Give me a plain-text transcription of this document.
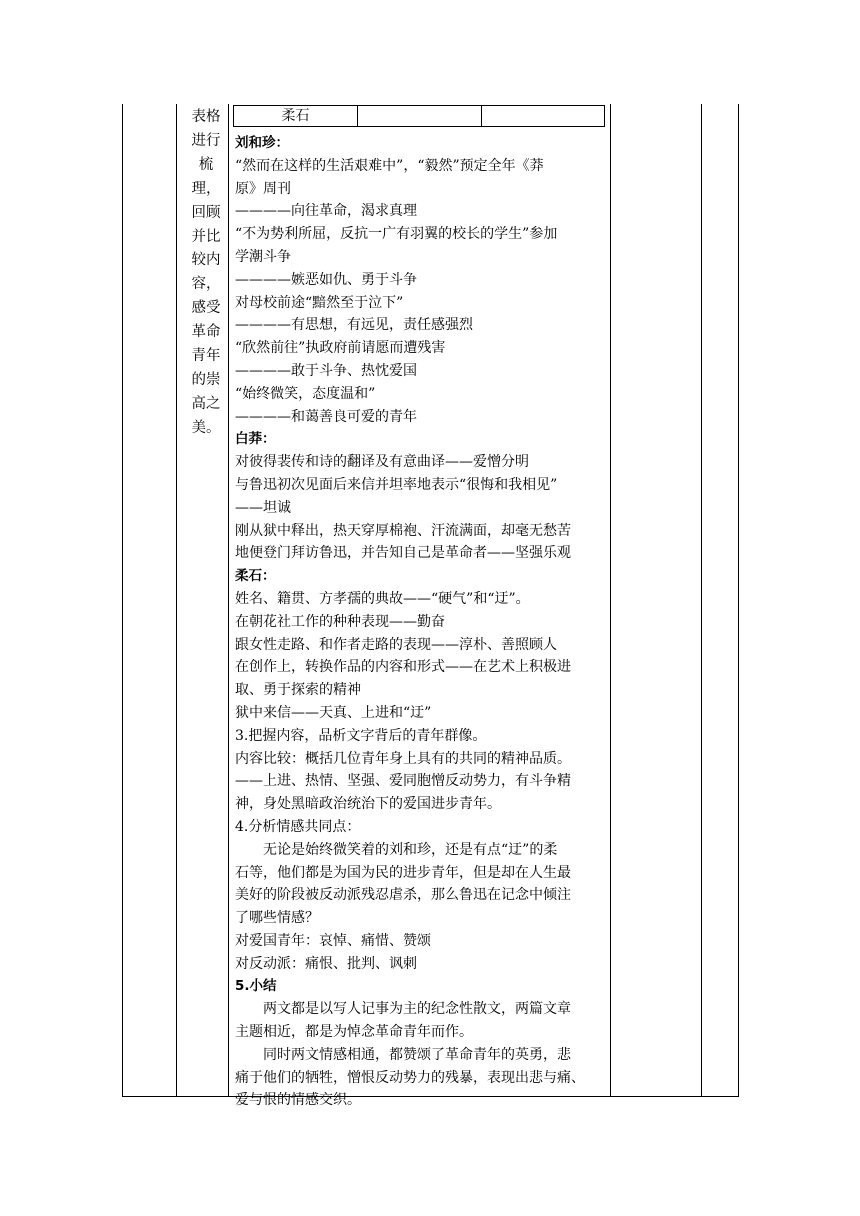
表格
进行
梳
理，
回顾
并比
较内
容，
感受
革命
青年
的崇
高之
美。
柔石
刘和珍：
“然而在这样的生活艰难中”，“毅然”预定全年《莽
原》周刊
————向往革命，渴求真理
“不为势利所屈，反抗一广有羽翼的校长的学生”参加
学潮斗争
————嫉恶如仇、勇于斗争
对母校前途“黯然至于泣下”
————有思想，有远见，责任感强烈
“欣然前往”执政府前请愿而遭残害
————敢于斗争、热忱爱国
“始终微笑，态度温和”
————和蔼善良可爱的青年
白莽：
对彼得裴传和诗的翻译及有意曲译——爱憎分明
与鲁迅初次见面后来信并坦率地表示“很悔和我相见”
——坦诚
刚从狱中释出，热天穿厚棉袍、汗流满面，却毫无愁苦
地便登门拜访鲁迅，并告知自己是革命者——坚强乐观
柔石：
姓名、籍贯、方孝孺的典故——“硬气”和“迂”。
在朝花社工作的种种表现——勤奋
跟女性走路、和作者走路的表现——淳朴、善照顾人
在创作上，转换作品的内容和形式——在艺术上积极进
取、勇于探索的精神
狱中来信——天真、上进和“迂”
3.把握内容，品析文字背后的青年群像。
内容比较：概括几位青年身上具有的共同的精神品质。
——上进、热情、坚强、爱同胞憎反动势力，有斗争精
神，身处黑暗政治统治下的爱国进步青年。
4.分析情感共同点：
无论是始终微笑着的刘和珍，还是有点“迂”的柔
石等，他们都是为国为民的进步青年，但是却在人生最
美好的阶段被反动派残忍虐杀，那么鲁迅在记念中倾注
了哪些情感？
对爱国青年：哀悼、痛惜、赞颂
对反动派：痛恨、批判、讽刺
5.小结
两文都是以写人记事为主的纪念性散文，两篇文章
主题相近，都是为悼念革命青年而作。
同时两文情感相通，都赞颂了革命青年的英勇，悲
痛于他们的牺牲，憎恨反动势力的残暴，表现出悲与痛、
爱与恨的情感交织。
